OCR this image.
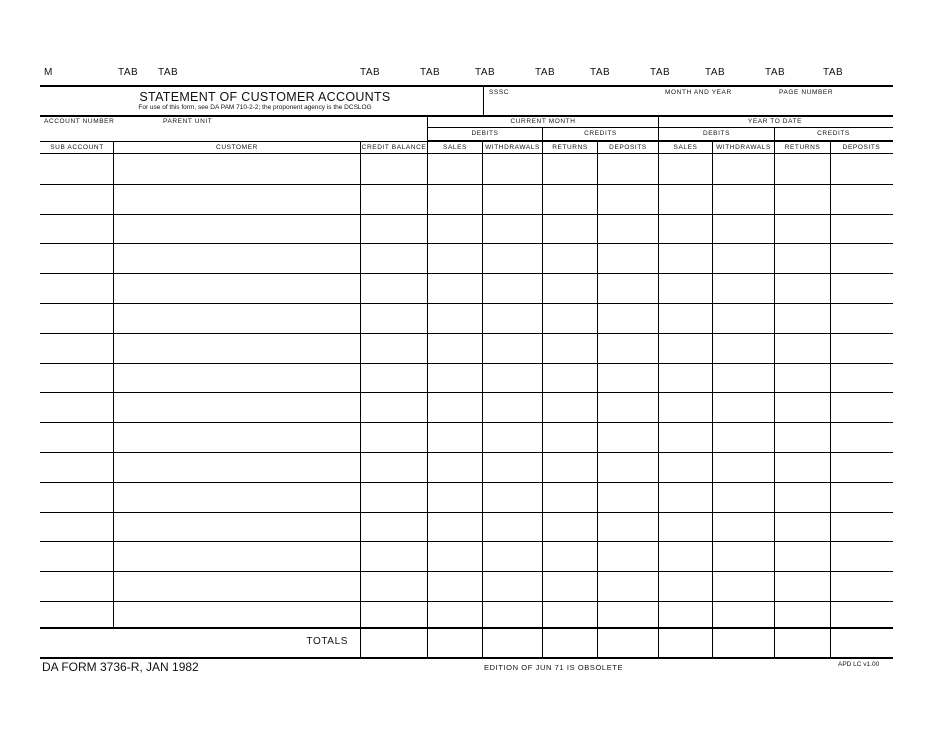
M	TAB TAB	TAB	TAB	TAB	TAB	TAB	TAB	TAB	TAB	TAB
STATEMENT OF CUSTOMER ACCOUNTS
For use of this form, see DA PAM 710-2-2; the proponent agency is the DCSLOG
SSSC	MONTH AND YEAR	PAGE NUMBER
ACCOUNT NUMBER	PARENT UNIT	CURRENT MONTH	YEAR TO DATE
DEBITS	CREDITS	DEBITS	CREDITS
SUB ACCOUNT	CUSTOMER	CREDIT BALANCE	SALES	WITHDRAWALS	RETURNS	DEPOSITS	SALES	WITHDRAWALS	RETURNS	DEPOSITS
TOTALS
DA FORM 3736-R, JAN 1982	EDITION OF JUN 71 IS OBSOLETE	APD LC v1.00
